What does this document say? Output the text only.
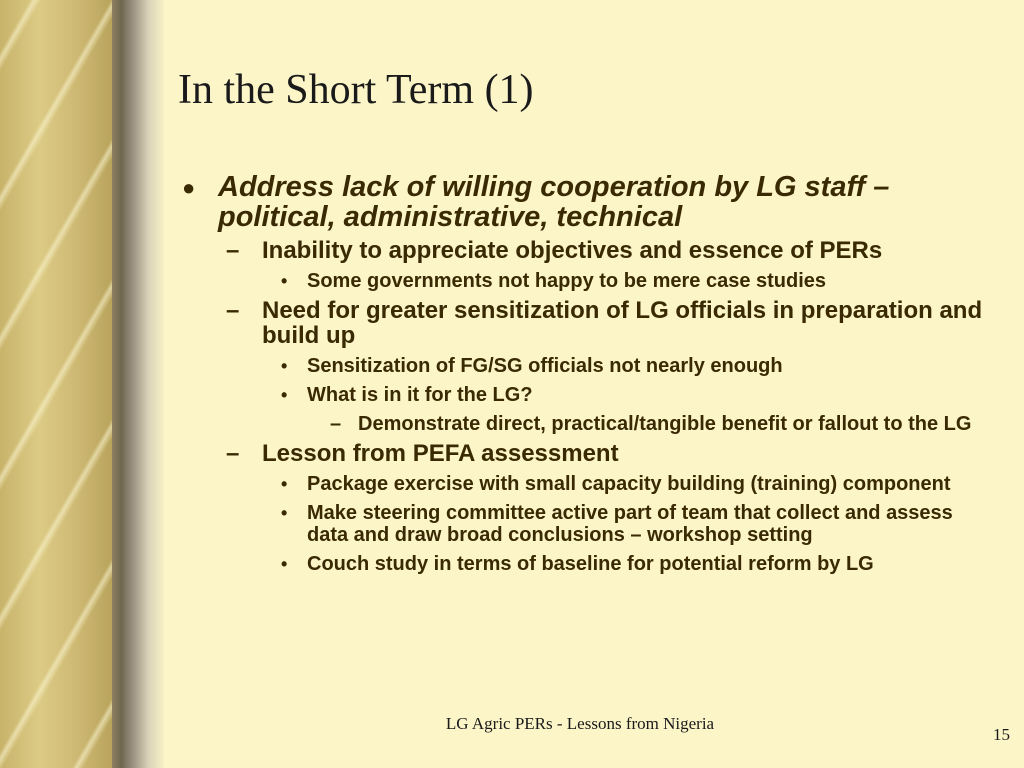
In the Short Term (1)
● Address lack of willing cooperation by LG staff – political, administrative, technical
– Inability to appreciate objectives and essence of PERs
• Some governments not happy to be mere case studies
– Need for greater sensitization of LG officials in preparation and build up
• Sensitization of FG/SG officials not nearly enough
• What is in it for the LG?
– Demonstrate direct, practical/tangible benefit or fallout to the LG
– Lesson from PEFA assessment
• Package exercise with small capacity building (training) component
• Make steering committee active part of team that collect and assess data and draw broad conclusions – workshop setting
• Couch study in terms of baseline for potential reform by LG
LG Agric PERs - Lessons from Nigeria
15
